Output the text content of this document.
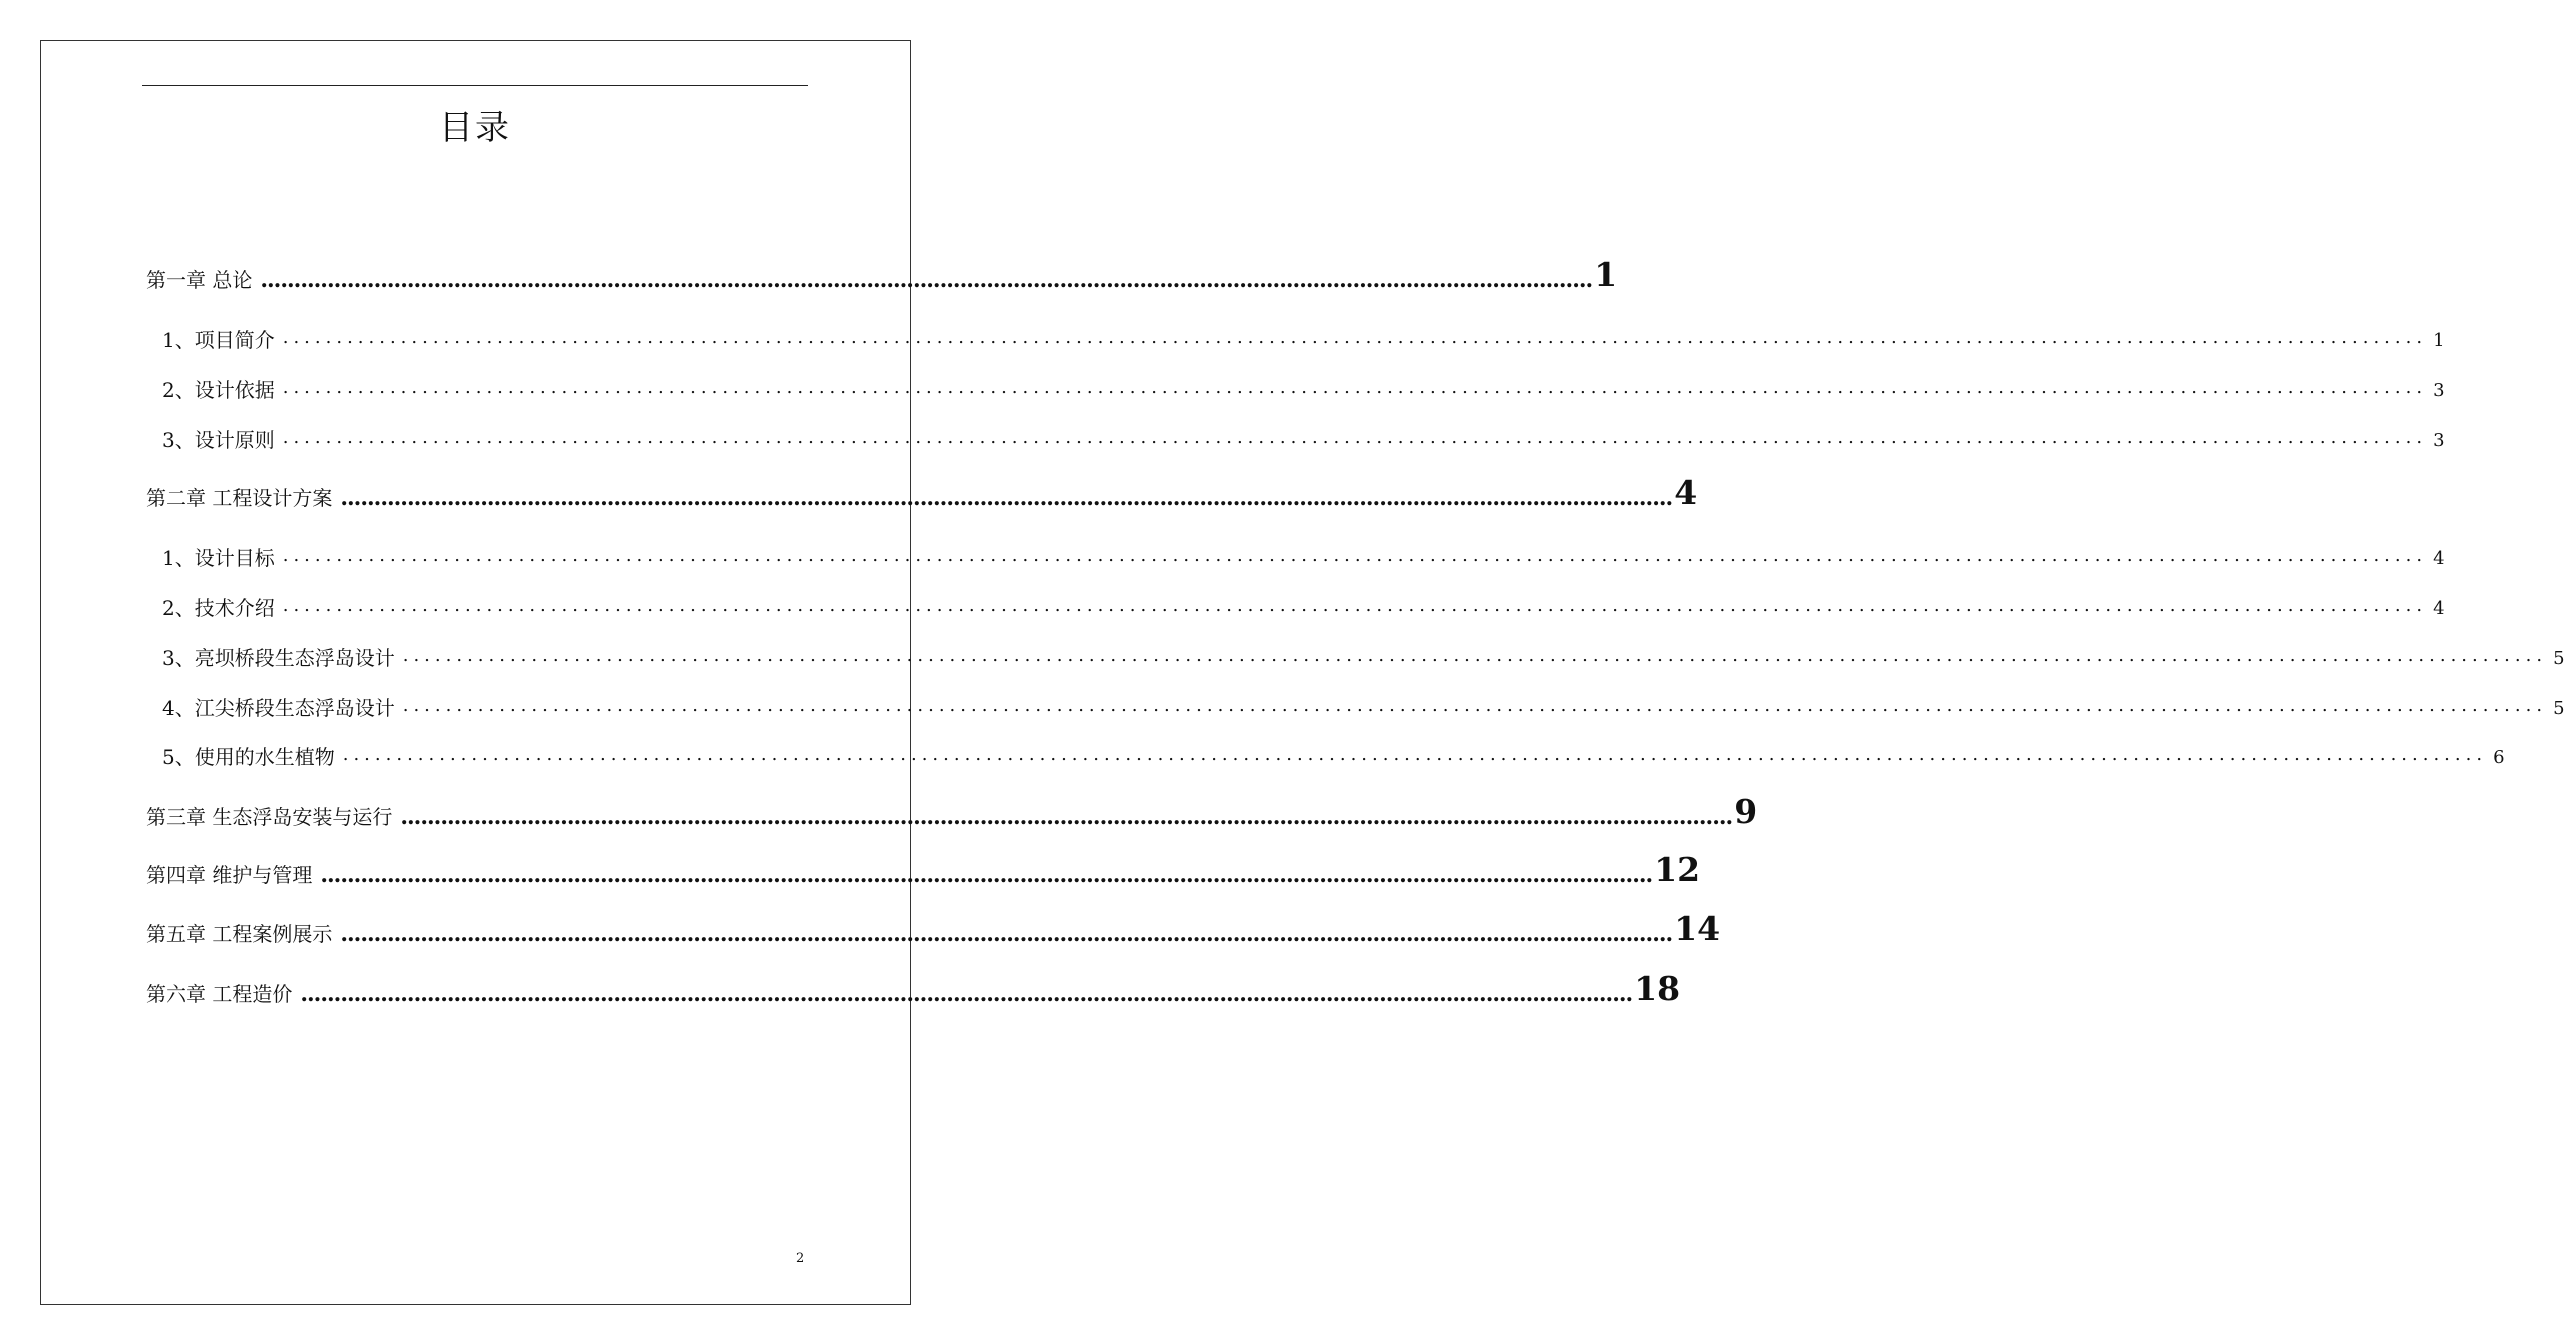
目录
第一章 总论 ........................................................................................................................................................................................................ 1
1、项目简介 ........................................................................................................................................................................................................ 1
2、设计依据 ........................................................................................................................................................................................................ 3
3、设计原则 ........................................................................................................................................................................................................ 3
第二章 工程设计方案 ........................................................................................................................................................................................................ 4
1、设计目标 ........................................................................................................................................................................................................ 4
2、技术介绍 ........................................................................................................................................................................................................ 4
3、亮坝桥段生态浮岛设计 ........................................................................................................................................................................................................ 5
4、江尖桥段生态浮岛设计 ........................................................................................................................................................................................................ 5
5、使用的水生植物 ........................................................................................................................................................................................................ 6
第三章 生态浮岛安装与运行 ........................................................................................................................................................................................................ 9
第四章 维护与管理 ........................................................................................................................................................................................................ 12
第五章 工程案例展示 ........................................................................................................................................................................................................ 14
第六章 工程造价 ........................................................................................................................................................................................................ 18
2
